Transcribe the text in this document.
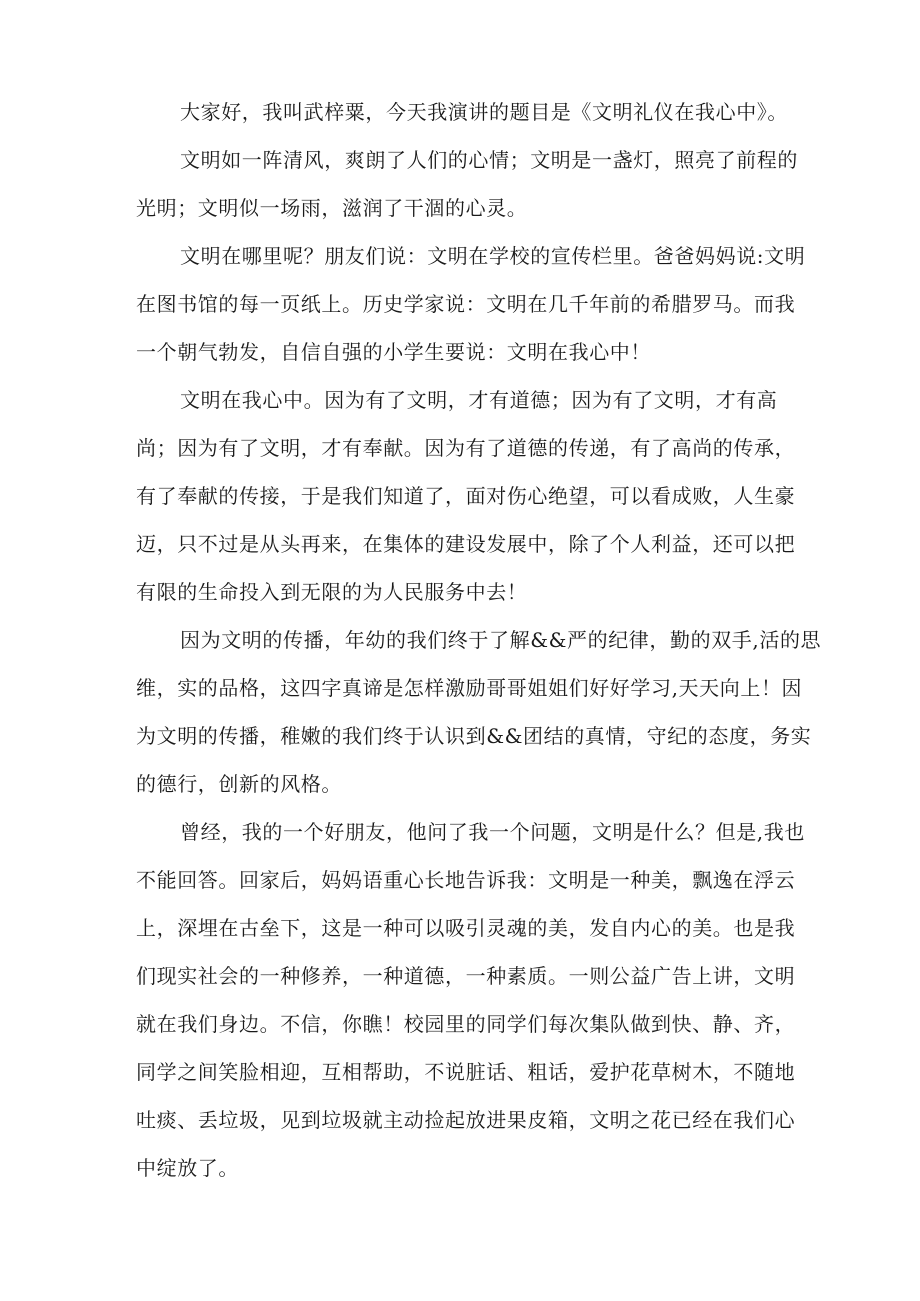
大家好，我叫武梓粟，今天我演讲的题目是《文明礼仪在我心中》。
文明如一阵清风，爽朗了人们的心情；文明是一盏灯，照亮了前程的
光明；文明似一场雨，滋润了干涸的心灵。
文明在哪里呢？朋友们说：文明在学校的宣传栏里。爸爸妈妈说:文明
在图书馆的每一页纸上。历史学家说：文明在几千年前的希腊罗马。而我
一个朝气勃发，自信自强的小学生要说：文明在我心中！
文明在我心中。因为有了文明，才有道德；因为有了文明，才有高
尚；因为有了文明，才有奉献。因为有了道德的传递，有了高尚的传承，
有了奉献的传接，于是我们知道了，面对伤心绝望，可以看成败，人生豪
迈，只不过是从头再来，在集体的建设发展中，除了个人利益，还可以把
有限的生命投入到无限的为人民服务中去！
因为文明的传播，年幼的我们终于了解&&严的纪律，勤的双手,活的思
维，实的品格，这四字真谛是怎样激励哥哥姐姐们好好学习,天天向上！因
为文明的传播，稚嫩的我们终于认识到&&团结的真情，守纪的态度，务实
的德行，创新的风格。
曾经，我的一个好朋友，他问了我一个问题，文明是什么？但是,我也
不能回答。回家后，妈妈语重心长地告诉我：文明是一种美，飘逸在浮云
上，深埋在古垒下，这是一种可以吸引灵魂的美，发自内心的美。也是我
们现实社会的一种修养，一种道德，一种素质。一则公益广告上讲，文明
就在我们身边。不信，你瞧！校园里的同学们每次集队做到快、静、齐，
同学之间笑脸相迎，互相帮助，不说脏话、粗话，爱护花草树木，不随地
吐痰、丢垃圾，见到垃圾就主动捡起放进果皮箱，文明之花已经在我们心
中绽放了。
